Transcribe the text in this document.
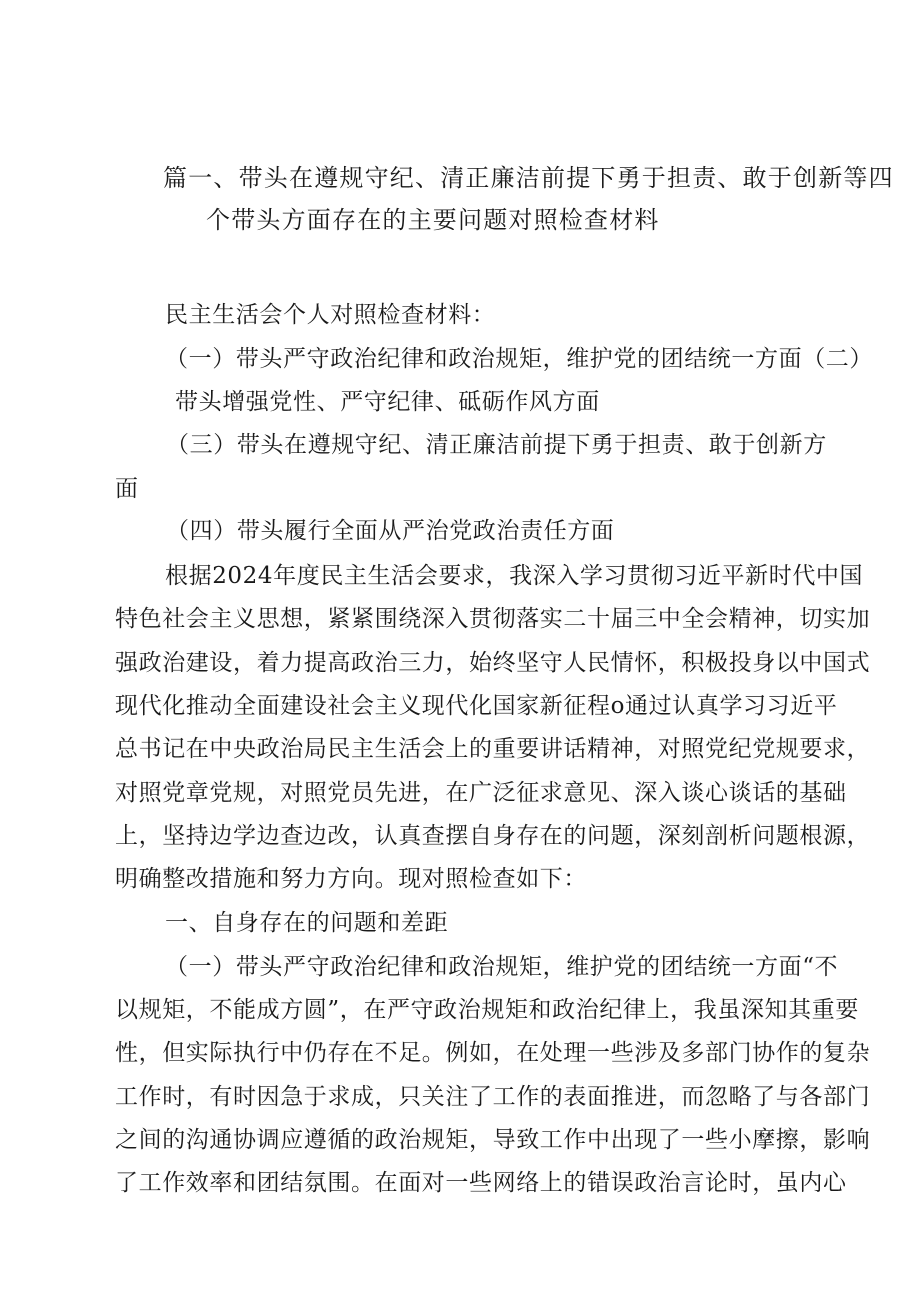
篇一、带头在遵规守纪、清正廉洁前提下勇于担责、敢于创新等四
个带头方面存在的主要问题对照检查材料
民主生活会个人对照检查材料：
（一）带头严守政治纪律和政治规矩，维护党的团结统一方面（二）
带头增强党性、严守纪律、砥砺作风方面
（三）带头在遵规守纪、清正廉洁前提下勇于担责、敢于创新方
面
（四）带头履行全面从严治党政治责任方面
根据2024年度民主生活会要求，我深入学习贯彻习近平新时代中国
特色社会主义思想，紧紧围绕深入贯彻落实二十届三中全会精神，切实加
强政治建设，着力提高政治三力，始终坚守人民情怀，积极投身以中国式
现代化推动全面建设社会主义现代化国家新征程o通过认真学习习近平
总书记在中央政治局民主生活会上的重要讲话精神，对照党纪党规要求，
对照党章党规，对照党员先进，在广泛征求意见、深入谈心谈话的基础
上，坚持边学边查边改，认真查摆自身存在的问题，深刻剖析问题根源，
明确整改措施和努力方向。现对照检查如下：
一、自身存在的问题和差距
（一）带头严守政治纪律和政治规矩，维护党的团结统一方面“不
以规矩，不能成方圆”，在严守政治规矩和政治纪律上，我虽深知其重要
性，但实际执行中仍存在不足。例如，在处理一些涉及多部门协作的复杂
工作时，有时因急于求成，只关注了工作的表面推进，而忽略了与各部门
之间的沟通协调应遵循的政治规矩，导致工作中出现了一些小摩擦，影响
了工作效率和团结氛围。在面对一些网络上的错误政治言论时，虽内心
